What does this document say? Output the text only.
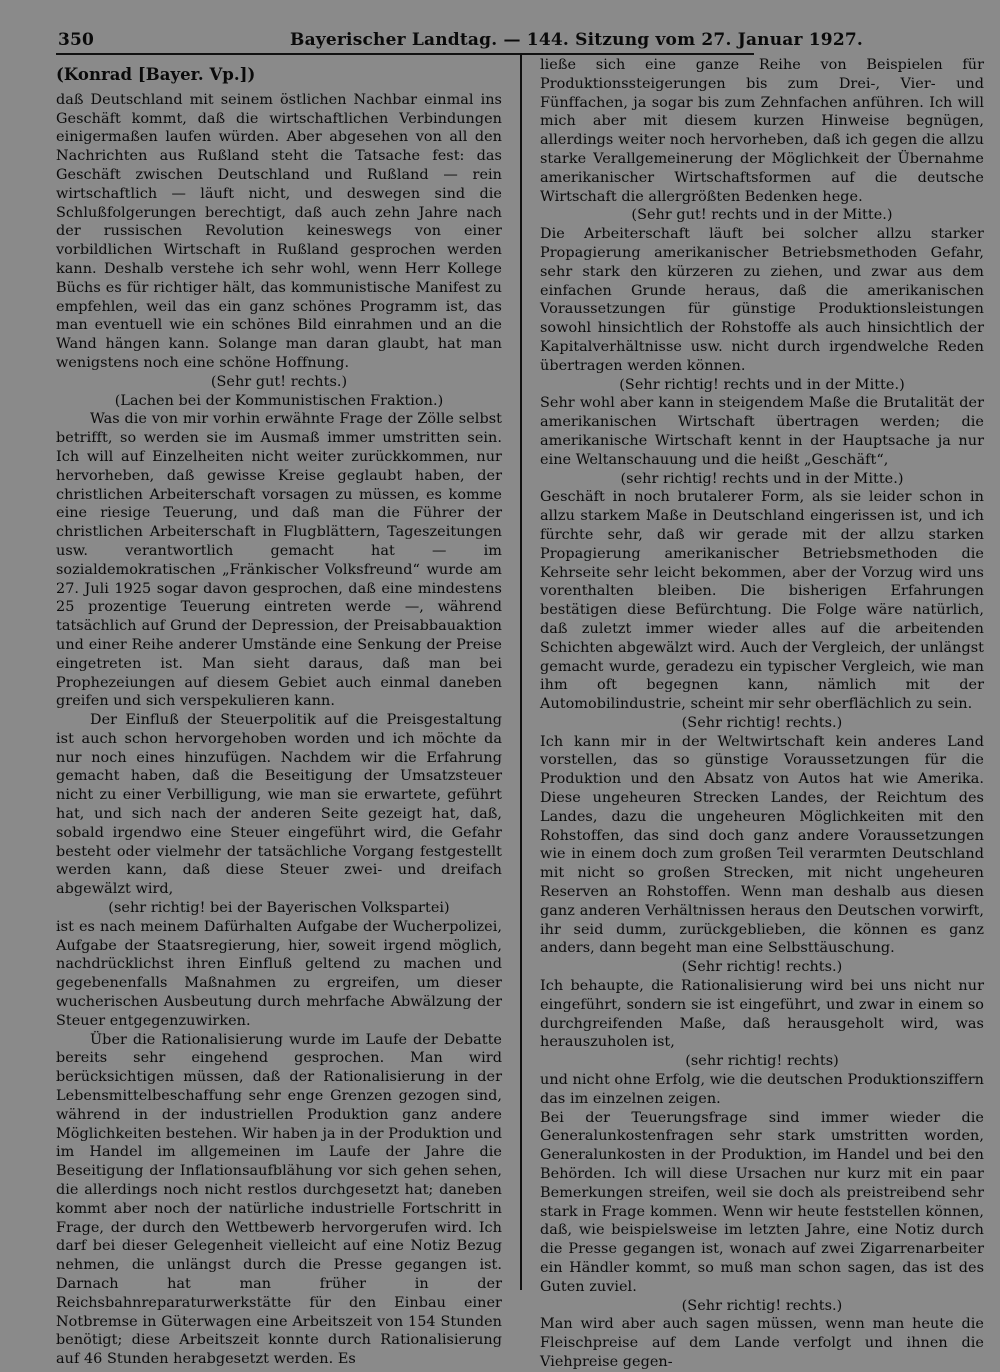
350	Bayerischer Landtag. — 144. Sitzung vom 27. Januar 1927.

(Konrad [Bayer. Vp.])

daß Deutschland mit seinem östlichen Nachbar einmal ins Geschäft kommt, daß die wirtschaftlichen Verbindungen einigermaßen laufen würden. Aber abgesehen von all den Nachrichten aus Rußland steht die Tatsache fest: das Geschäft zwischen Deutschland und Rußland — rein wirtschaftlich — läuft nicht, und deswegen sind die Schlußfolgerungen berechtigt, daß auch zehn Jahre nach der russischen Revolution keineswegs von einer vorbildlichen Wirtschaft in Rußland gesprochen werden kann. Deshalb verstehe ich sehr wohl, wenn Herr Kollege Büchs es für richtiger hält, das kommunistische Manifest zu empfehlen, weil das ein ganz schönes Programm ist, das man eventuell wie ein schönes Bild einrahmen und an die Wand hängen kann. Solange man daran glaubt, hat man wenigstens noch eine schöne Hoffnung.

(Sehr gut! rechts.)

(Lachen bei der Kommunistischen Fraktion.)

Was die von mir vorhin erwähnte Frage der Zölle selbst betrifft, so werden sie im Ausmaß immer umstritten sein. Ich will auf Einzelheiten nicht weiter zurückkommen, nur hervorheben, daß gewisse Kreise geglaubt haben, der christlichen Arbeiterschaft vorsagen zu müssen, es komme eine riesige Teuerung, und daß man die Führer der christlichen Arbeiterschaft in Flugblättern, Tageszeitungen usw. verantwortlich gemacht hat — im sozialdemokratischen „Fränkischer Volksfreund“ wurde am 27. Juli 1925 sogar davon gesprochen, daß eine mindestens 25 prozentige Teuerung eintreten werde —, während tatsächlich auf Grund der Depression, der Preisabbauaktion und einer Reihe anderer Umstände eine Senkung der Preise eingetreten ist. Man sieht daraus, daß man bei Prophezeiungen auf diesem Gebiet auch einmal daneben greifen und sich verspekulieren kann.

Der Einfluß der Steuerpolitik auf die Preisgestaltung ist auch schon hervorgehoben worden und ich möchte da nur noch eines hinzufügen. Nachdem wir die Erfahrung gemacht haben, daß die Beseitigung der Umsatzsteuer nicht zu einer Verbilligung, wie man sie erwartete, geführt hat, und sich nach der anderen Seite gezeigt hat, daß, sobald irgendwo eine Steuer eingeführt wird, die Gefahr besteht oder vielmehr der tatsächliche Vorgang festgestellt werden kann, daß diese Steuer zwei- und dreifach abgewälzt wird,

(sehr richtig! bei der Bayerischen Volkspartei)

ist es nach meinem Dafürhalten Aufgabe der Wucherpolizei, Aufgabe der Staatsregierung, hier, soweit irgend möglich, nachdrücklichst ihren Einfluß geltend zu machen und gegebenenfalls Maßnahmen zu ergreifen, um dieser wucherischen Ausbeutung durch mehrfache Abwälzung der Steuer entgegenzuwirken.

Über die Rationalisierung wurde im Laufe der Debatte bereits sehr eingehend gesprochen. Man wird berücksichtigen müssen, daß der Rationalisierung in der Lebensmittelbeschaffung sehr enge Grenzen gezogen sind, während in der industriellen Produktion ganz andere Möglichkeiten bestehen. Wir haben ja in der Produktion und im Handel im allgemeinen im Laufe der Jahre die Beseitigung der Inflationsaufblähung vor sich gehen sehen, die allerdings noch nicht restlos durchgesetzt hat; daneben kommt aber noch der natürliche industrielle Fortschritt in Frage, der durch den Wettbewerb hervorgerufen wird. Ich darf bei dieser Gelegenheit vielleicht auf eine Notiz Bezug nehmen, die unlängst durch die Presse gegangen ist. Darnach hat man früher in der Reichsbahnreparaturwerkstätte für den Einbau einer Notbremse in Güterwagen eine Arbeitszeit von 154 Stunden benötigt; diese Arbeitszeit konnte durch Rationalisierung auf 46 Stunden herabgesetzt werden. Es

ließe sich eine ganze Reihe von Beispielen für Produktionssteigerungen bis zum Drei-, Vier- und Fünffachen, ja sogar bis zum Zehnfachen anführen. Ich will mich aber mit diesem kurzen Hinweise begnügen, allerdings weiter noch hervorheben, daß ich gegen die allzu starke Verallgemeinerung der Möglichkeit der Übernahme amerikanischer Wirtschaftsformen auf die deutsche Wirtschaft die allergrößten Bedenken hege.

(Sehr gut! rechts und in der Mitte.)

Die Arbeiterschaft läuft bei solcher allzu starker Propagierung amerikanischer Betriebsmethoden Gefahr, sehr stark den kürzeren zu ziehen, und zwar aus dem einfachen Grunde heraus, daß die amerikanischen Voraussetzungen für günstige Produktionsleistungen sowohl hinsichtlich der Rohstoffe als auch hinsichtlich der Kapitalverhältnisse usw. nicht durch irgendwelche Reden übertragen werden können.

(Sehr richtig! rechts und in der Mitte.)

Sehr wohl aber kann in steigendem Maße die Brutalität der amerikanischen Wirtschaft übertragen werden; die amerikanische Wirtschaft kennt in der Hauptsache ja nur eine Weltanschauung und die heißt „Geschäft“,

(sehr richtig! rechts und in der Mitte.)

Geschäft in noch brutalerer Form, als sie leider schon in allzu starkem Maße in Deutschland eingerissen ist, und ich fürchte sehr, daß wir gerade mit der allzu starken Propagierung amerikanischer Betriebsmethoden die Kehrseite sehr leicht bekommen, aber der Vorzug wird uns vorenthalten bleiben. Die bisherigen Erfahrungen bestätigen diese Befürchtung. Die Folge wäre natürlich, daß zuletzt immer wieder alles auf die arbeitenden Schichten abgewälzt wird. Auch der Vergleich, der unlängst gemacht wurde, geradezu ein typischer Vergleich, wie man ihm oft begegnen kann, nämlich mit der Automobilindustrie, scheint mir sehr oberflächlich zu sein.

(Sehr richtig! rechts.)

Ich kann mir in der Weltwirtschaft kein anderes Land vorstellen, das so günstige Voraussetzungen für die Produktion und den Absatz von Autos hat wie Amerika. Diese ungeheuren Strecken Landes, der Reichtum des Landes, dazu die ungeheuren Möglichkeiten mit den Rohstoffen, das sind doch ganz andere Voraussetzungen wie in einem doch zum großen Teil verarmten Deutschland mit nicht so großen Strecken, mit nicht ungeheuren Reserven an Rohstoffen. Wenn man deshalb aus diesen ganz anderen Verhältnissen heraus den Deutschen vorwirft, ihr seid dumm, zurückgeblieben, die können es ganz anders, dann begeht man eine Selbsttäuschung.

(Sehr richtig! rechts.)

Ich behaupte, die Rationalisierung wird bei uns nicht nur eingeführt, sondern sie ist eingeführt, und zwar in einem so durchgreifenden Maße, daß herausgeholt wird, was herauszuholen ist,

(sehr richtig! rechts)

und nicht ohne Erfolg, wie die deutschen Produktionsziffern das im einzelnen zeigen.

Bei der Teuerungsfrage sind immer wieder die Generalunkostenfragen sehr stark umstritten worden, Generalunkosten in der Produktion, im Handel und bei den Behörden. Ich will diese Ursachen nur kurz mit ein paar Bemerkungen streifen, weil sie doch als preistreibend sehr stark in Frage kommen. Wenn wir heute feststellen können, daß, wie beispielsweise im letzten Jahre, eine Notiz durch die Presse gegangen ist, wonach auf zwei Zigarrenarbeiter ein Händler kommt, so muß man schon sagen, das ist des Guten zuviel.

(Sehr richtig! rechts.)

Man wird aber auch sagen müssen, wenn man heute die Fleischpreise auf dem Lande verfolgt und ihnen die Viehpreise gegen-
